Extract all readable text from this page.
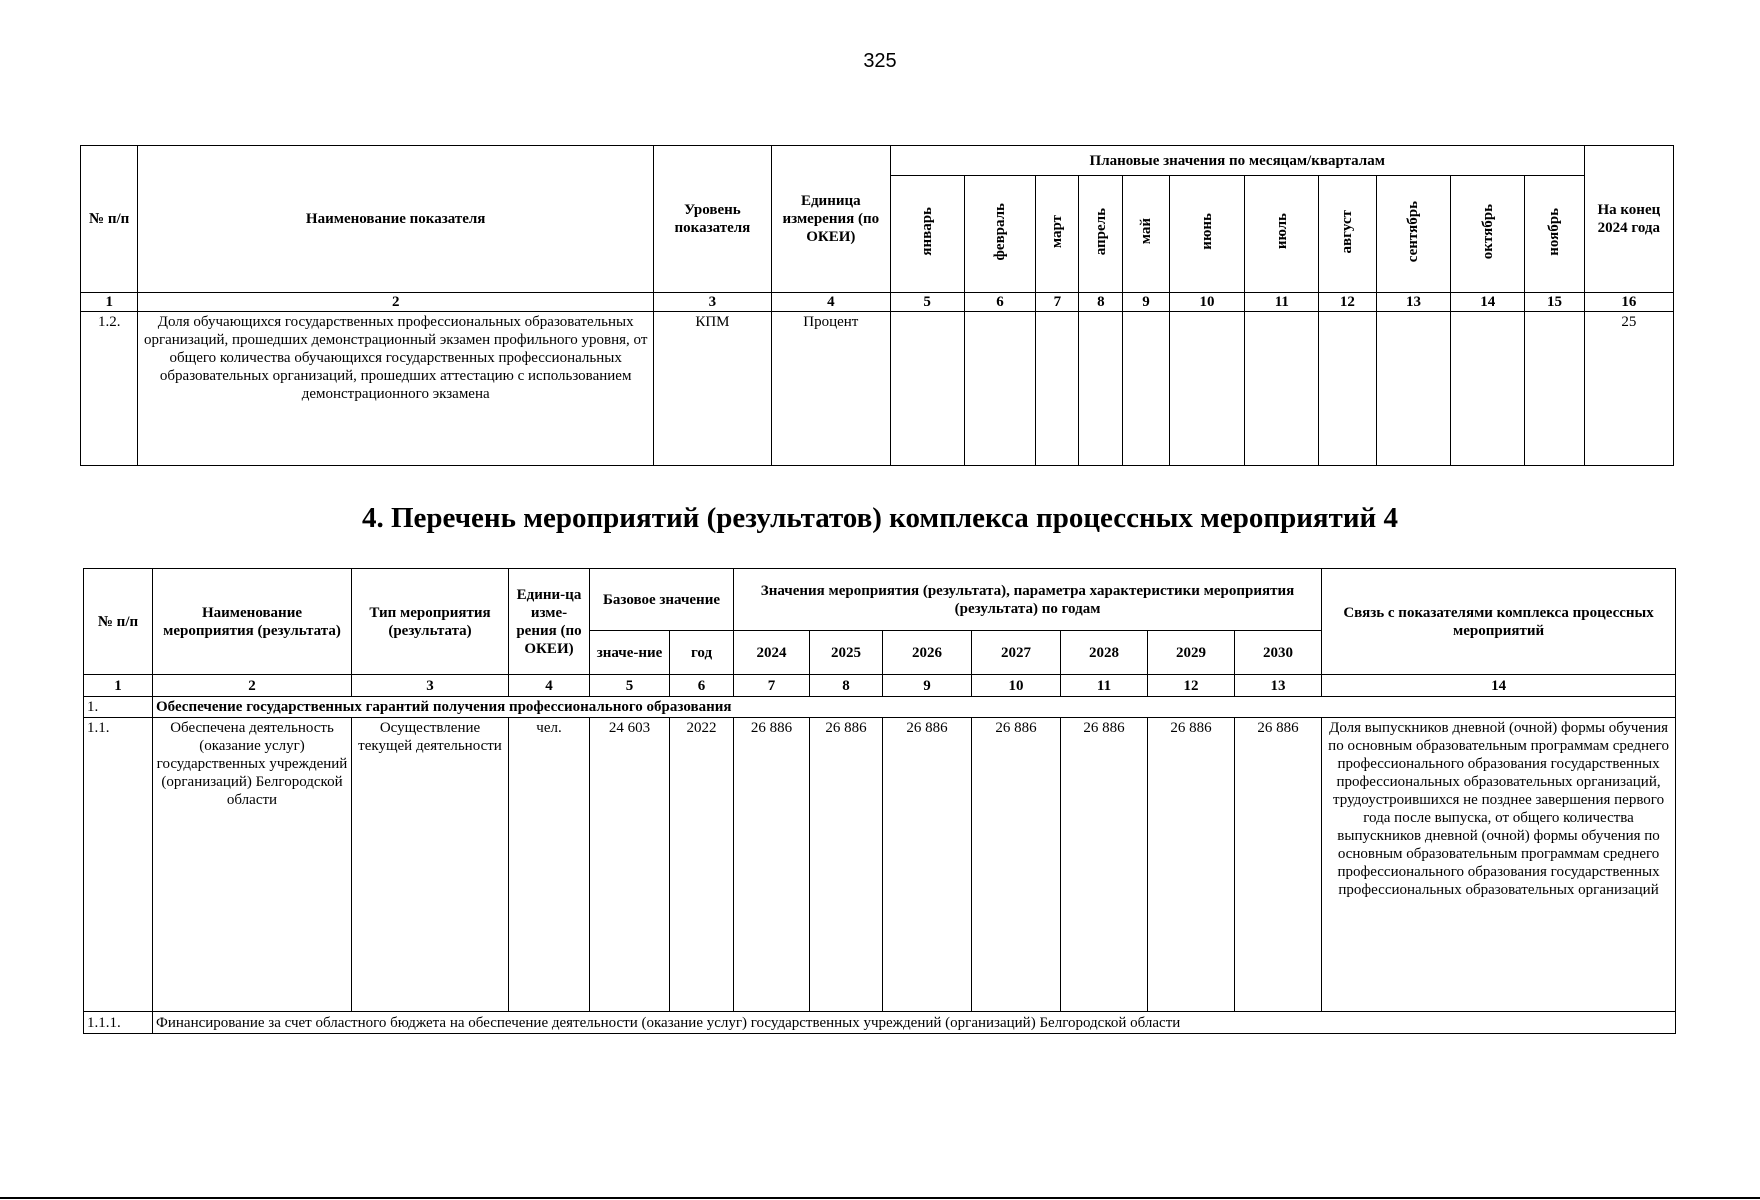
325
№ п/п	Наименование показателя	Уровень показателя	Единица измерения (по ОКЕИ)	Плановые значения по месяцам/кварталам											На конец 2024 года
				январь	февраль	март	апрель	май	июнь	июль	август	сентябрь	октябрь	ноябрь	
1	2	3	4	5	6	7	8	9	10	11	12	13	14	15	16
1.2.	Доля обучающихся государственных профессиональных образовательных организаций, прошедших демонстрационный экзамен профильного уровня, от общего количества обучающихся государственных профессиональных образовательных организаций, прошедших аттестацию с использованием демонстрационного экзамена	КПМ	Процент												25
4. Перечень мероприятий (результатов) комплекса процессных мероприятий 4
№ п/п	Наименование мероприятия (результата)	Тип мероприятия (результата)	Едини-ца изме-рения (по ОКЕИ)	Базовое значение		Значения мероприятия (результата), параметра характеристики мероприятия (результата) по годам							Связь с показателями комплекса процессных мероприятий
				значе-ние	год	2024	2025	2026	2027	2028	2029	2030	
1	2	3	4	5	6	7	8	9	10	11	12	13	14
1.	Обеспечение государственных гарантий получения профессионального образования												
1.1.	Обеспечена деятельность (оказание услуг) государственных учреждений (организаций) Белгородской области	Осуществление текущей деятельности	чел.	24 603	2022	26 886	26 886	26 886	26 886	26 886	26 886	26 886	Доля выпускников дневной (очной) формы обучения по основным образовательным программам среднего профессионального образования государственных профессиональных образовательных организаций, трудоустроившихся не позднее завершения первого года после выпуска, от общего количества выпускников дневной (очной) формы обучения по основным образовательным программам среднего профессионального образования государственных профессиональных образовательных организаций
1.1.1.	Финансирование за счет областного бюджета на обеспечение деятельности (оказание услуг) государственных учреждений (организаций) Белгородской области												
